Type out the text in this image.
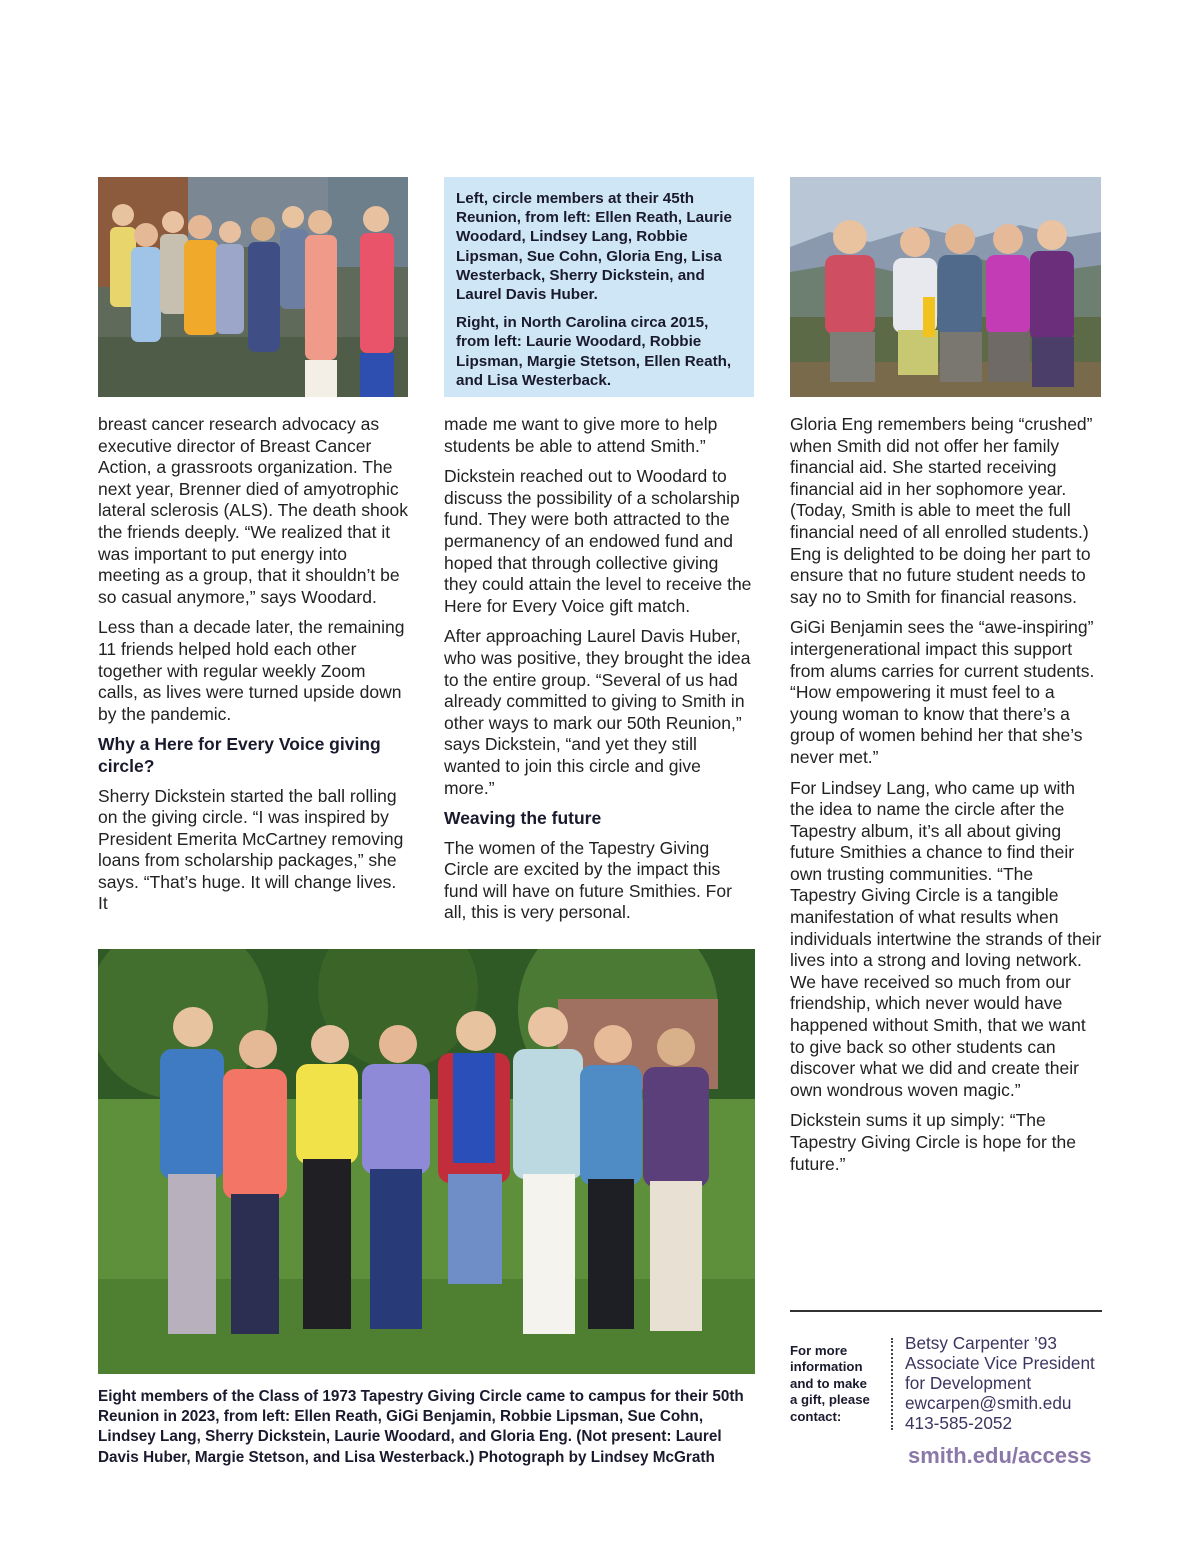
Left, circle members at their 45th Reunion, from left: Ellen Reath, Laurie Woodard, Lindsey Lang, Robbie Lipsman, Sue Cohn, Gloria Eng, Lisa Westerback, Sherry Dickstein, and Laurel Davis Huber.

Right, in North Carolina circa 2015, from left: Laurie Woodard, Robbie Lipsman, Margie Stetson, Ellen Reath, and Lisa Westerback.

breast cancer research advocacy as executive director of Breast Cancer Action, a grassroots organization. The next year, Brenner died of amyotrophic lateral sclerosis (ALS). The death shook the friends deeply. “We realized that it was important to put energy into meeting as a group, that it shouldn’t be so casual anymore,” says Woodard.

Less than a decade later, the remaining 11 friends helped hold each other together with regular weekly Zoom calls, as lives were turned upside down by the pandemic.

Why a Here for Every Voice giving circle?

Sherry Dickstein started the ball rolling on the giving circle. “I was inspired by President Emerita McCartney removing loans from scholarship packages,” she says. “That’s huge. It will change lives. It

made me want to give more to help students be able to attend Smith.”

Dickstein reached out to Woodard to discuss the possibility of a scholarship fund. They were both attracted to the permanency of an endowed fund and hoped that through collective giving they could attain the level to receive the Here for Every Voice gift match.

After approaching Laurel Davis Huber, who was positive, they brought the idea to the entire group. “Several of us had already committed to giving to Smith in other ways to mark our 50th Reunion,” says Dickstein, “and yet they still wanted to join this circle and give more.”

Weaving the future

The women of the Tapestry Giving Circle are excited by the impact this fund will have on future Smithies. For all, this is very personal.

Gloria Eng remembers being “crushed” when Smith did not offer her family financial aid. She started receiving financial aid in her sophomore year. (Today, Smith is able to meet the full financial need of all enrolled students.) Eng is delighted to be doing her part to ensure that no future student needs to say no to Smith for financial reasons.

GiGi Benjamin sees the “awe-inspiring” intergenerational impact this support from alums carries for current students. “How empowering it must feel to a young woman to know that there’s a group of women behind her that she’s never met.”

For Lindsey Lang, who came up with the idea to name the circle after the Tapestry album, it’s all about giving future Smithies a chance to find their own trusting communities. “The Tapestry Giving Circle is a tangible manifestation of what results when individuals intertwine the strands of their lives into a strong and loving network. We have received so much from our friendship, which never would have happened without Smith, that we want to give back so other students can discover what we did and create their own wondrous woven magic.”

Dickstein sums it up simply: “The Tapestry Giving Circle is hope for the future.”

Eight members of the Class of 1973 Tapestry Giving Circle came to campus for their 50th Reunion in 2023, from left: Ellen Reath, GiGi Benjamin, Robbie Lipsman, Sue Cohn, Lindsey Lang, Sherry Dickstein, Laurie Woodard, and Gloria Eng. (Not present: Laurel Davis Huber, Margie Stetson, and Lisa Westerback.) Photograph by Lindsey McGrath
For more
information
and to make
a gift, please
contact:
Betsy Carpenter ’93
Associate Vice President
for Development
ewcarpen@smith.edu
413-585-2052
smith.edu/access
